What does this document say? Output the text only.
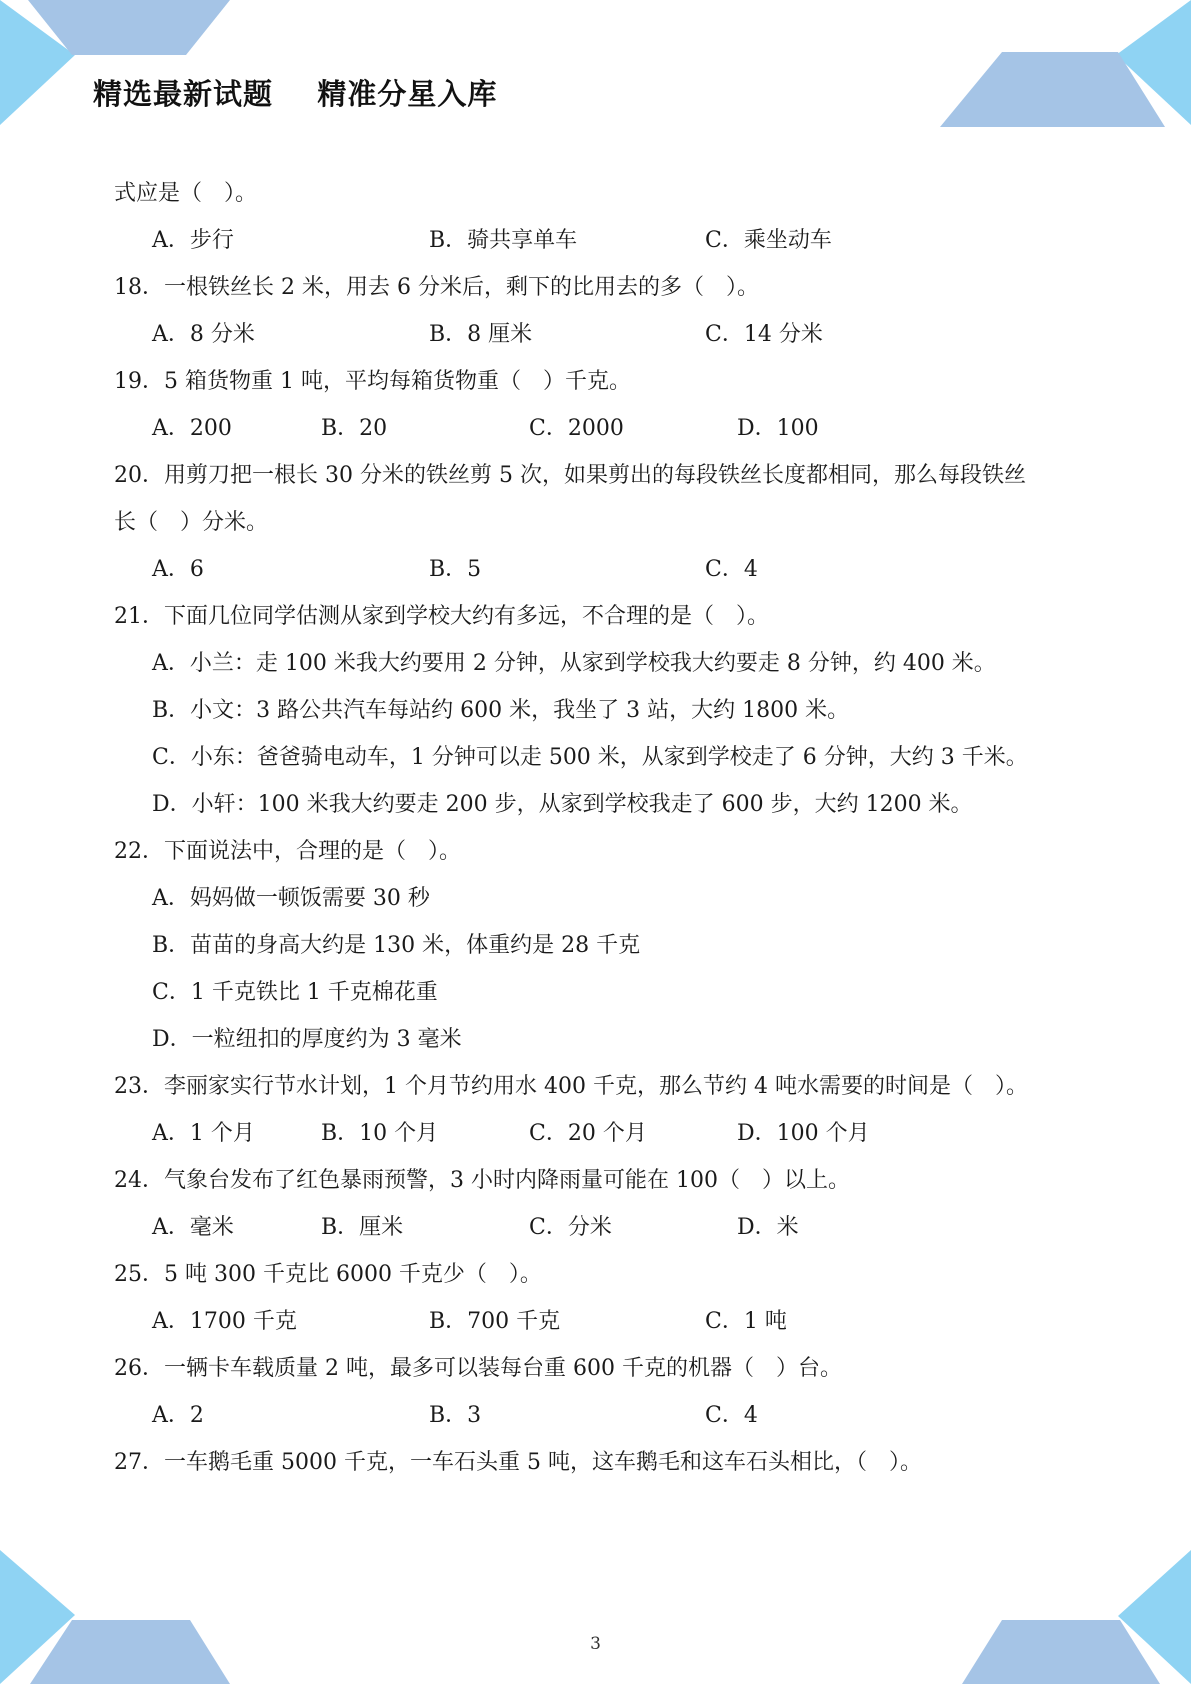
精选最新试题    精准分星入库
式应是（　）。
A．步行	B．骑共享单车	C．乘坐动车
18．一根铁丝长 2 米，用去 6 分米后，剩下的比用去的多（　）。
A．8 分米	B．8 厘米	C．14 分米
19．5 箱货物重 1 吨，平均每箱货物重（　）千克。
A．200	B．20	C．2000	D．100
20．用剪刀把一根长 30 分米的铁丝剪 5 次，如果剪出的每段铁丝长度都相同，那么每段铁丝
长（　）分米。
A．6	B．5	C．4
21．下面几位同学估测从家到学校大约有多远，不合理的是（　）。
A．小兰：走 100 米我大约要用 2 分钟，从家到学校我大约要走 8 分钟，约 400 米。
B．小文：3 路公共汽车每站约 600 米，我坐了 3 站，大约 1800 米。
C．小东：爸爸骑电动车，1 分钟可以走 500 米，从家到学校走了 6 分钟，大约 3 千米。
D．小轩：100 米我大约要走 200 步，从家到学校我走了 600 步，大约 1200 米。
22．下面说法中，合理的是（　）。
A．妈妈做一顿饭需要 30 秒
B．苗苗的身高大约是 130 米，体重约是 28 千克
C．1 千克铁比 1 千克棉花重
D．一粒纽扣的厚度约为 3 毫米
23．李丽家实行节水计划，1 个月节约用水 400 千克，那么节约 4 吨水需要的时间是（　）。
A．1 个月	B．10 个月	C．20 个月	D．100 个月
24．气象台发布了红色暴雨预警，3 小时内降雨量可能在 100（　）以上。
A．毫米	B．厘米	C．分米	D．米
25．5 吨 300 千克比 6000 千克少（　）。
A．1700 千克	B．700 千克	C．1 吨
26．一辆卡车载质量 2 吨，最多可以装每台重 600 千克的机器（　）台。
A．2	B．3	C．4
27．一车鹅毛重 5000 千克，一车石头重 5 吨，这车鹅毛和这车石头相比，（　）。
3
